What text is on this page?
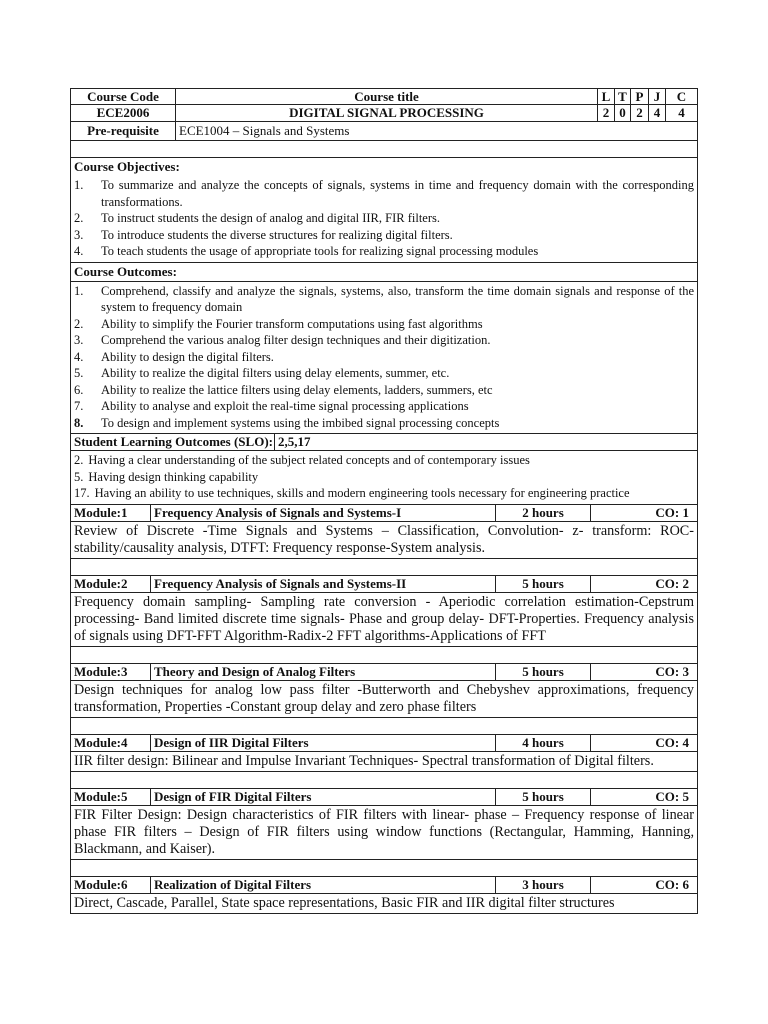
Course Code	Course title	L T P J	C
ECE2006	DIGITAL SIGNAL PROCESSING	2 0 2 4	4
Pre-requisite	ECE1004 – Signals and Systems
Course Objectives:
1.	To summarize and analyze the concepts of signals, systems in time and frequency domain with the corresponding transformations.
2.	To instruct students the design of analog and digital IIR, FIR filters.
3.	To introduce students the diverse structures for realizing digital filters.
4.	To teach students the usage of appropriate tools for realizing signal processing modules
Course Outcomes:
1.	Comprehend, classify and analyze the signals, systems, also, transform the time domain signals and response of the system to frequency domain
2.	Ability to simplify the Fourier transform computations using fast algorithms
3.	Comprehend the various analog filter design techniques and their digitization.
4.	Ability to design the digital filters.
5.	Ability to realize the digital filters using delay elements, summer, etc.
6.	Ability to realize the lattice filters using delay elements, ladders, summers, etc
7.	Ability to analyse and exploit the real-time signal processing applications
8.	To design and implement systems using the imbibed signal processing concepts
Student Learning Outcomes (SLO): 2,5,17
2. Having a clear understanding of the subject related concepts and of contemporary issues
5. Having design thinking capability
17. Having an ability to use techniques, skills and modern engineering tools necessary for engineering practice
Module:1	Frequency Analysis of Signals and Systems-I	2 hours	CO: 1
Review of Discrete -Time Signals and Systems – Classification, Convolution- z- transform: ROC-stability/causality analysis, DTFT: Frequency response-System analysis.
Module:2	Frequency Analysis of Signals and Systems-II	5 hours	CO: 2
Frequency domain sampling- Sampling rate conversion - Aperiodic correlation estimation-Cepstrum processing- Band limited discrete time signals- Phase and group delay- DFT-Properties. Frequency analysis of signals using DFT-FFT Algorithm-Radix-2 FFT algorithms-Applications of FFT
Module:3	Theory and Design of Analog Filters	5 hours	CO: 3
Design techniques for analog low pass filter -Butterworth and Chebyshev approximations, frequency transformation, Properties -Constant group delay and zero phase filters
Module:4	Design of IIR Digital Filters	4 hours	CO: 4
IIR filter design: Bilinear and Impulse Invariant Techniques- Spectral transformation of Digital filters.
Module:5	Design of FIR Digital Filters	5 hours	CO: 5
FIR Filter Design: Design characteristics of FIR filters with linear- phase – Frequency response of linear phase FIR filters – Design of FIR filters using window functions (Rectangular, Hamming, Hanning, Blackmann, and Kaiser).
Module:6	Realization of Digital Filters	3 hours	CO: 6
Direct, Cascade, Parallel, State space representations, Basic FIR and IIR digital filter structures
